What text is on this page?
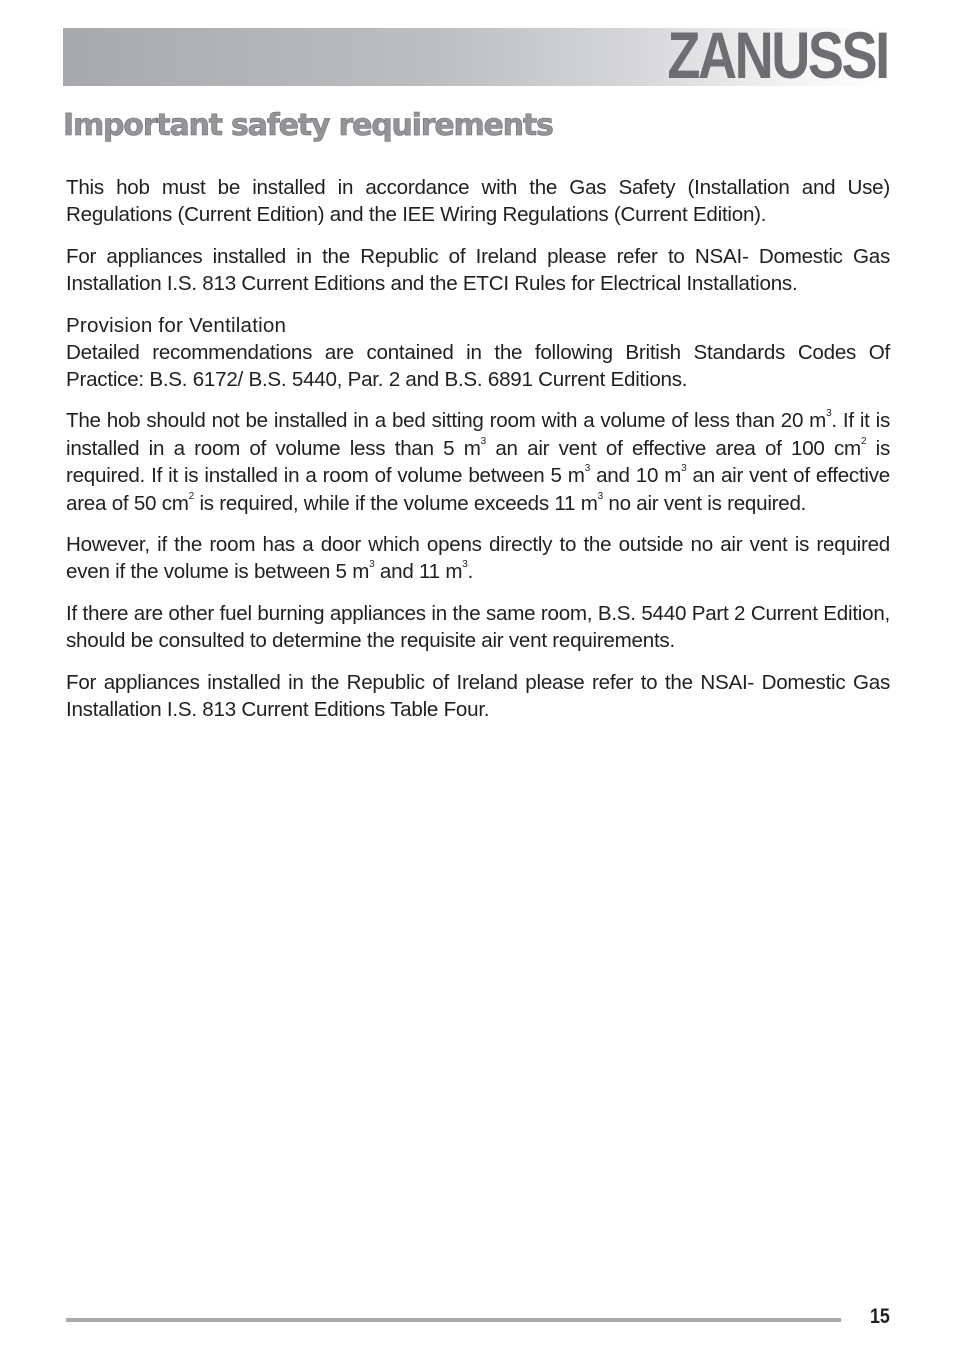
ZANUSSI
Important safety requirements

This hob must be installed in accordance with the Gas Safety (Installation and Use) Regulations (Current Edition) and the IEE Wiring Regulations (Current Edition).

For appliances installed in the Republic of Ireland please refer to NSAI- Domestic Gas Installation I.S. 813 Current Editions and the ETCI Rules for Electrical Installations.

Provision for Ventilation

Detailed recommendations are contained in the following British Standards Codes Of Practice: B.S. 6172/ B.S. 5440, Par. 2 and B.S. 6891 Current Editions.

The hob should not be installed in a bed sitting room with a volume of less than 20 $m^3$. If it is installed in a room of volume less than 5 $m^3$ an air vent of effective area of 100 $cm^2$ is required. If it is installed in a room of volume between 5 $m^3$ and 10 $m^3$ an air vent of effective area of 50 $cm^2$ is required, while if the volume exceeds 11 $m^3$ no air vent is required.

However, if the room has a door which opens directly to the outside no air vent is required even if the volume is between 5 $m^3$ and 11 $m^3$.

If there are other fuel burning appliances in the same room, B.S. 5440 Part 2 Current Edition, should be consulted to determine the requisite air vent requirements.

For appliances installed in the Republic of Ireland please refer to the NSAI- Domestic Gas Installation I.S. 813 Current Editions Table Four.

15
